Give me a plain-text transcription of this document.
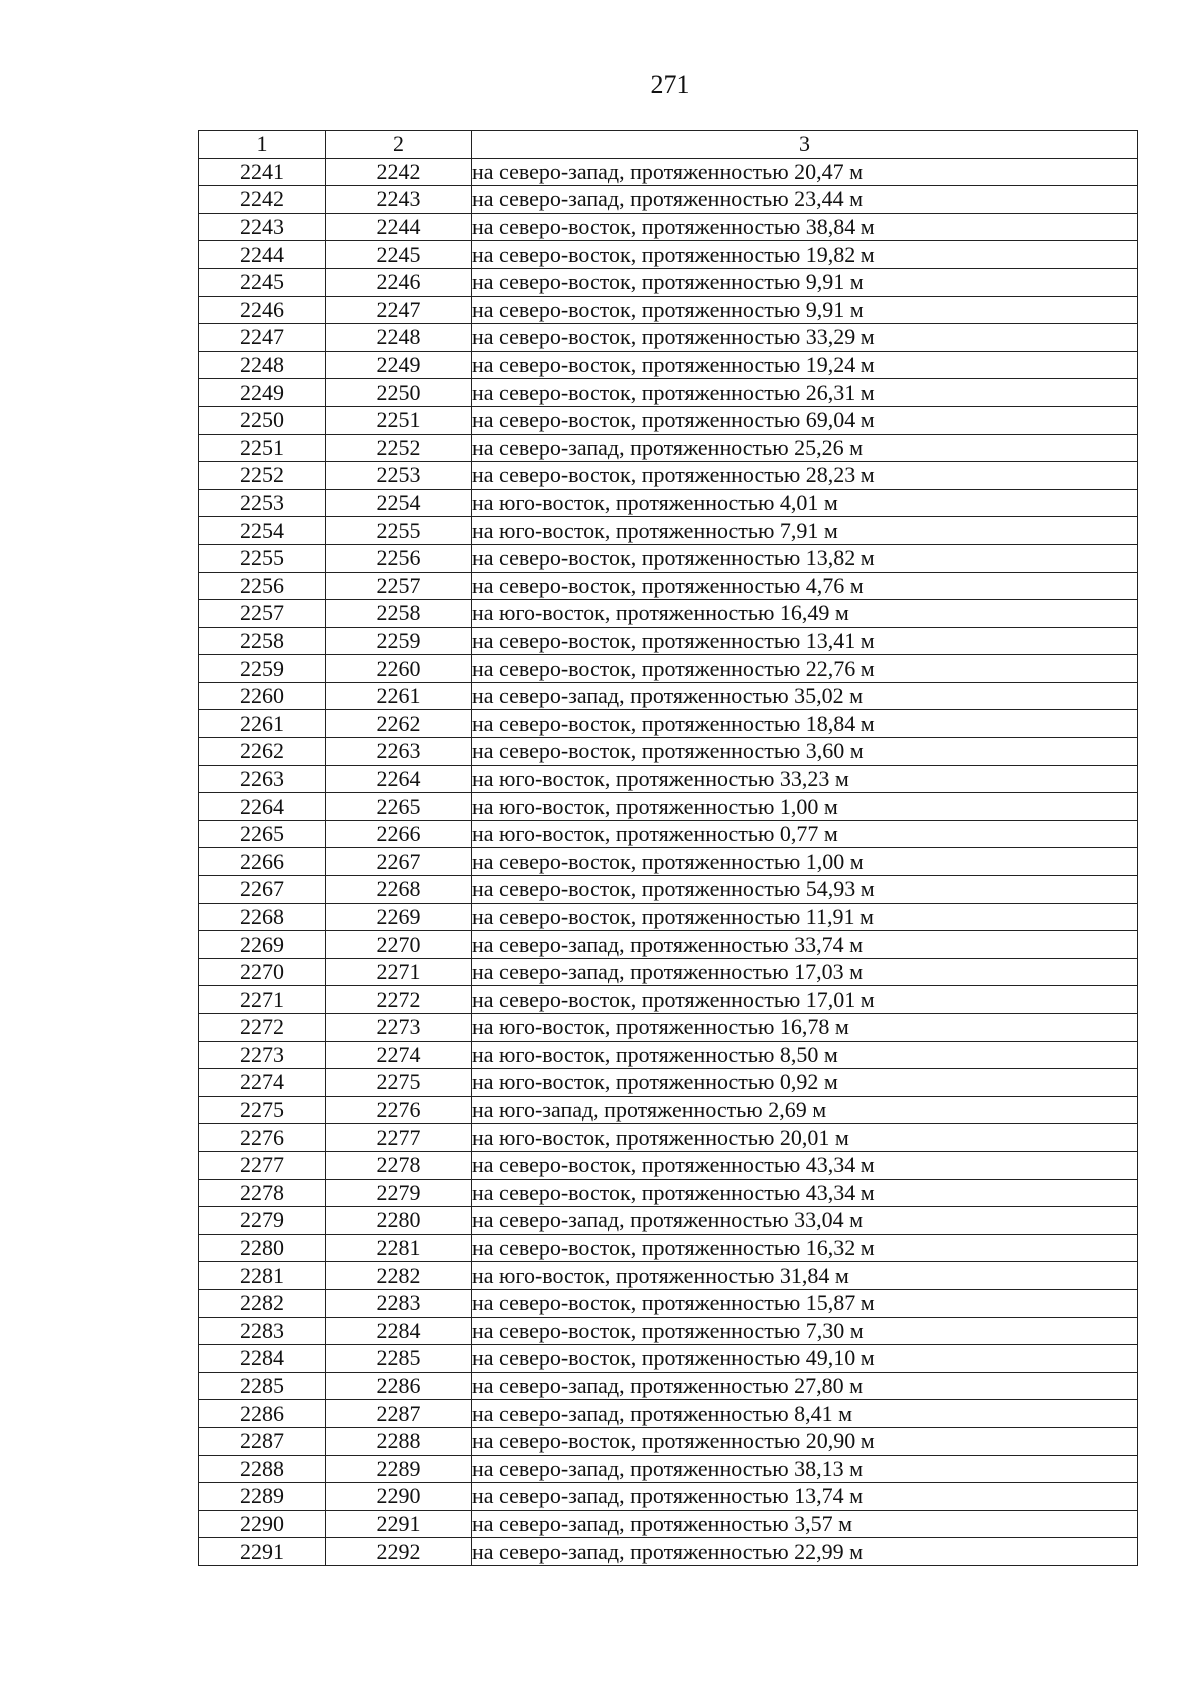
271
1	2	3
2241	2242	на северо-запад, протяженностью 20,47 м
2242	2243	на северо-запад, протяженностью 23,44 м
2243	2244	на северо-восток, протяженностью 38,84 м
2244	2245	на северо-восток, протяженностью 19,82 м
2245	2246	на северо-восток, протяженностью 9,91 м
2246	2247	на северо-восток, протяженностью 9,91 м
2247	2248	на северо-восток, протяженностью 33,29 м
2248	2249	на северо-восток, протяженностью 19,24 м
2249	2250	на северо-восток, протяженностью 26,31 м
2250	2251	на северо-восток, протяженностью 69,04 м
2251	2252	на северо-запад, протяженностью 25,26 м
2252	2253	на северо-восток, протяженностью 28,23 м
2253	2254	на юго-восток, протяженностью 4,01 м
2254	2255	на юго-восток, протяженностью 7,91 м
2255	2256	на северо-восток, протяженностью 13,82 м
2256	2257	на северо-восток, протяженностью 4,76 м
2257	2258	на юго-восток, протяженностью 16,49 м
2258	2259	на северо-восток, протяженностью 13,41 м
2259	2260	на северо-восток, протяженностью 22,76 м
2260	2261	на северо-запад, протяженностью 35,02 м
2261	2262	на северо-восток, протяженностью 18,84 м
2262	2263	на северо-восток, протяженностью 3,60 м
2263	2264	на юго-восток, протяженностью 33,23 м
2264	2265	на юго-восток, протяженностью 1,00 м
2265	2266	на юго-восток, протяженностью 0,77 м
2266	2267	на северо-восток, протяженностью 1,00 м
2267	2268	на северо-восток, протяженностью 54,93 м
2268	2269	на северо-восток, протяженностью 11,91 м
2269	2270	на северо-запад, протяженностью 33,74 м
2270	2271	на северо-запад, протяженностью 17,03 м
2271	2272	на северо-восток, протяженностью 17,01 м
2272	2273	на юго-восток, протяженностью 16,78 м
2273	2274	на юго-восток, протяженностью 8,50 м
2274	2275	на юго-восток, протяженностью 0,92 м
2275	2276	на юго-запад, протяженностью 2,69 м
2276	2277	на юго-восток, протяженностью 20,01 м
2277	2278	на северо-восток, протяженностью 43,34 м
2278	2279	на северо-восток, протяженностью 43,34 м
2279	2280	на северо-запад, протяженностью 33,04 м
2280	2281	на северо-восток, протяженностью 16,32 м
2281	2282	на юго-восток, протяженностью 31,84 м
2282	2283	на северо-восток, протяженностью 15,87 м
2283	2284	на северо-восток, протяженностью 7,30 м
2284	2285	на северо-восток, протяженностью 49,10 м
2285	2286	на северо-запад, протяженностью 27,80 м
2286	2287	на северо-запад, протяженностью 8,41 м
2287	2288	на северо-восток, протяженностью 20,90 м
2288	2289	на северо-запад, протяженностью 38,13 м
2289	2290	на северо-запад, протяженностью 13,74 м
2290	2291	на северо-запад, протяженностью 3,57 м
2291	2292	на северо-запад, протяженностью 22,99 м
